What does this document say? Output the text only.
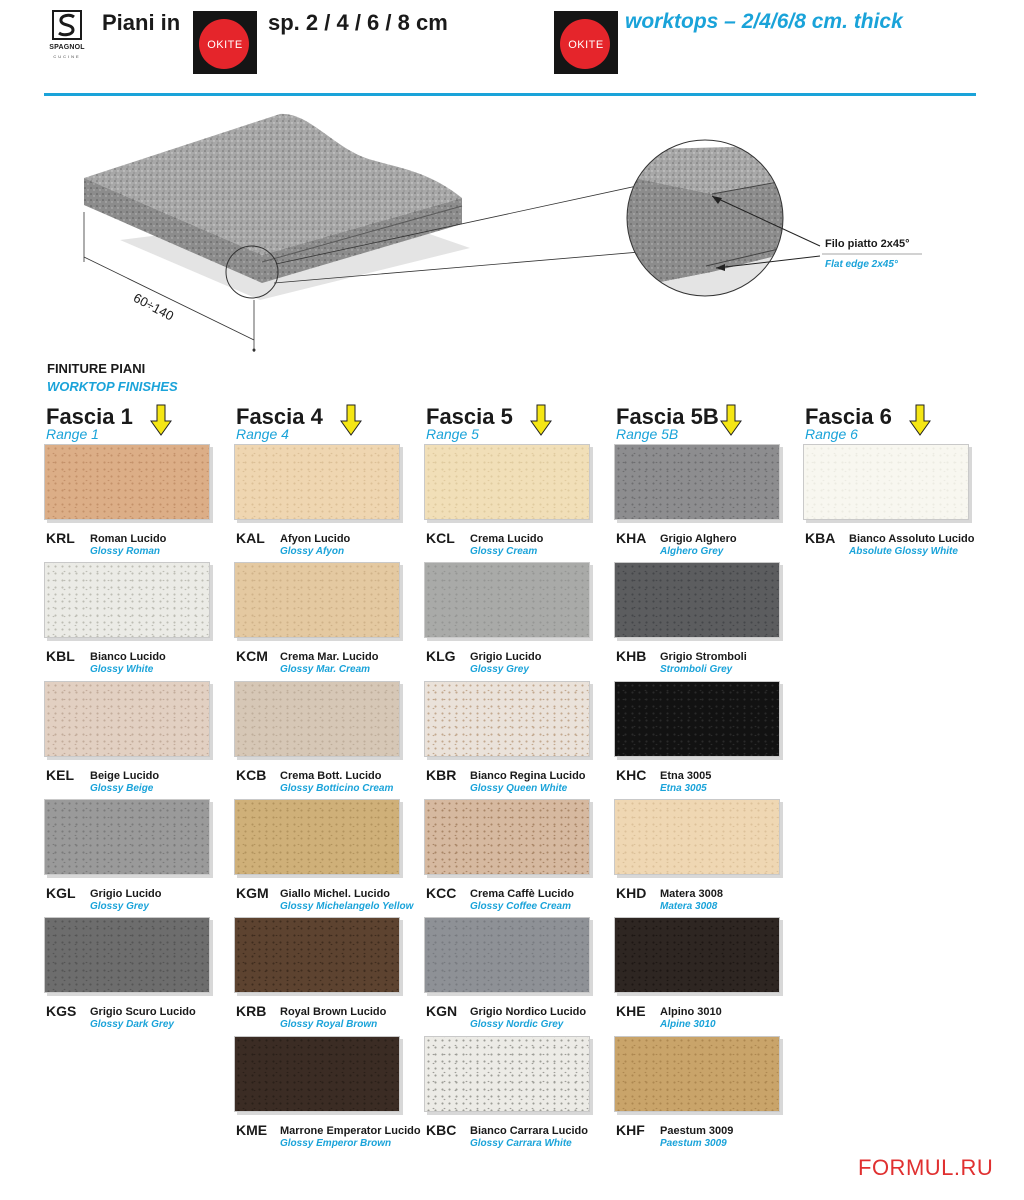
SPAGNOL
CUCINE
Piani in
OKITE
sp. 2 / 4 / 6 / 8 cm
OKITE
worktops – 2/4/6/8 cm. thick
Filo piatto 2x45°
Flat edge 2x45°
60÷140
FINITURE PIANI
WORKTOP FINISHES
Fascia 1
Range 1
KRL Roman Lucido
Glossy Roman
KBL Bianco Lucido
Glossy White
KEL Beige Lucido
Glossy Beige
KGL Grigio Lucido
Glossy Grey
KGS Grigio Scuro Lucido
Glossy Dark Grey
Fascia 4
Range 4
KAL Afyon Lucido
Glossy Afyon
KCM Crema Mar. Lucido
Glossy Mar. Cream
KCB Crema Bott. Lucido
Glossy Botticino Cream
KGM Giallo Michel. Lucido
Glossy Michelangelo Yellow
KRB Royal Brown Lucido
Glossy Royal Brown
KME Marrone Emperator Lucido
Glossy Emperor Brown
Fascia 5
Range 5
KCL Crema Lucido
Glossy Cream
KLG Grigio Lucido
Glossy Grey
KBR Bianco Regina Lucido
Glossy Queen White
KCC Crema Caffè Lucido
Glossy Coffee Cream
KGN Grigio Nordico Lucido
Glossy Nordic Grey
KBC Bianco Carrara Lucido
Glossy Carrara White
Fascia 5B
Range 5B
KHA Grigio Alghero
Alghero Grey
KHB Grigio Stromboli
Stromboli Grey
KHC Etna 3005
Etna 3005
KHD Matera 3008
Matera 3008
KHE Alpino 3010
Alpine 3010
KHF Paestum 3009
Paestum 3009
Fascia 6
Range 6
KBA Bianco Assoluto Lucido
Absolute Glossy White
FORMUL.RU
